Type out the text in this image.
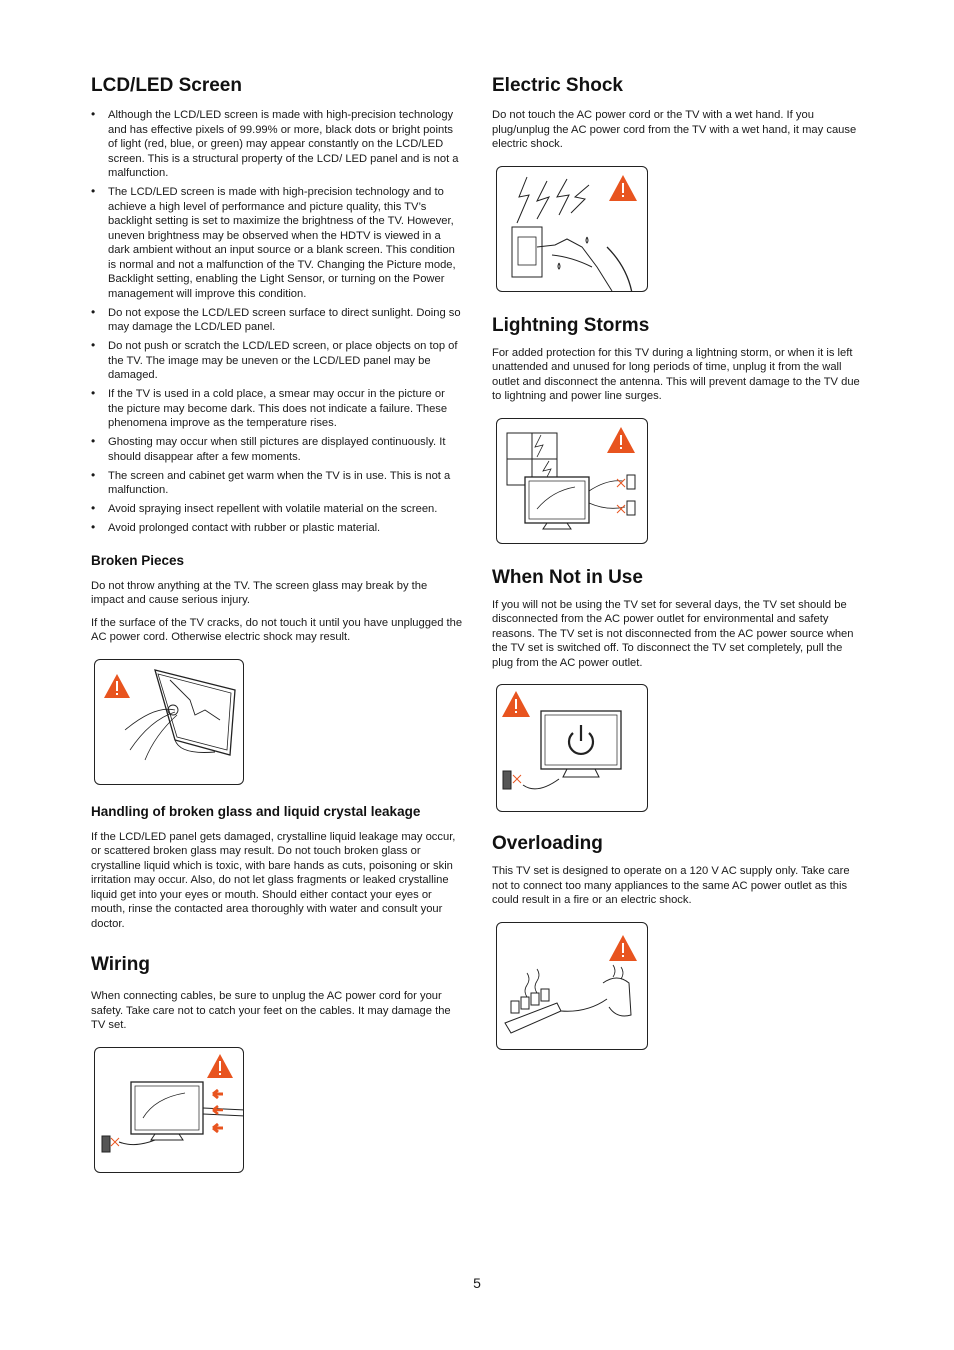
LCD/LED Screen
• Although the LCD/LED screen is made with high-precision technology and has effective pixels of 99.99% or more, black dots or bright points of light (red, blue, or green) may appear constantly on the LCD/LED screen. This is a structural property of the LCD/ LED panel and is not a malfunction.
• The LCD/LED screen is made with high-precision technology and to achieve a high level of performance and picture quality, this TV’s backlight setting is set to maximize the brightness of the TV. However, uneven brightness may be observed when the HDTV is viewed in a dark ambient without an input source or a blank screen. This condition is normal and not a malfunction of the TV. Changing the Picture mode, Backlight setting, enabling the Light Sensor, or turning on the Power management will improve this condition.
• Do not expose the LCD/LED screen surface to direct sunlight. Doing so may damage the LCD/LED panel.
• Do not push or scratch the LCD/LED screen, or place objects on top of the TV. The image may be uneven or the LCD/LED panel may be damaged.
• If the TV is used in a cold place, a smear may occur in the picture or the picture may become dark. This does not indicate a failure. These phenomena improve as the temperature rises.
• Ghosting may occur when still pictures are displayed continuously. It should disappear after a few moments.
• The screen and cabinet get warm when the TV is in use. This is not a malfunction.
• Avoid spraying insect repellent with volatile material on the screen.
• Avoid prolonged contact with rubber or plastic material.
Broken Pieces

Do not throw anything at the TV. The screen glass may break by the impact and cause serious injury.

If the surface of the TV cracks, do not touch it until you have unplugged the AC power cord. Otherwise electric shock may result.

Handling of broken glass and liquid crystal leakage

If the LCD/LED panel gets damaged, crystalline liquid leakage may occur, or scattered broken glass may result. Do not touch broken glass or crystalline liquid which is toxic, with bare hands as cuts, poisoning or skin irritation may occur. Also, do not let glass fragments or leaked crystalline liquid get into your eyes or mouth. Should either contact your eyes or mouth, rinse the contacted area thoroughly with water and consult your doctor.

Wiring

When connecting cables, be sure to unplug the AC power cord for your safety. Take care not to catch your feet on the cables. It may damage the TV set.

Electric Shock

Do not touch the AC power cord or the TV with a wet hand. If you plug/unplug the AC power cord from the TV with a wet hand, it may cause electric shock.

Lightning Storms

For added protection for this TV during a lightning storm, or when it is left unattended and unused for long periods of time, unplug it from the wall outlet and disconnect the antenna. This will prevent damage to the TV due to lightning and power line surges.

When Not in Use

If you will not be using the TV set for several days, the TV set should be disconnected from the AC power outlet for environmental and safety reasons. The TV set is not disconnected from the AC power source when the TV set is switched off. To disconnect the TV set completely, pull the plug from the AC power outlet.

Overloading

This TV set is designed to operate on a 120 V AC supply only. Take care not to connect too many appliances to the same AC power outlet as this could result in a fire or an electric shock.

5
